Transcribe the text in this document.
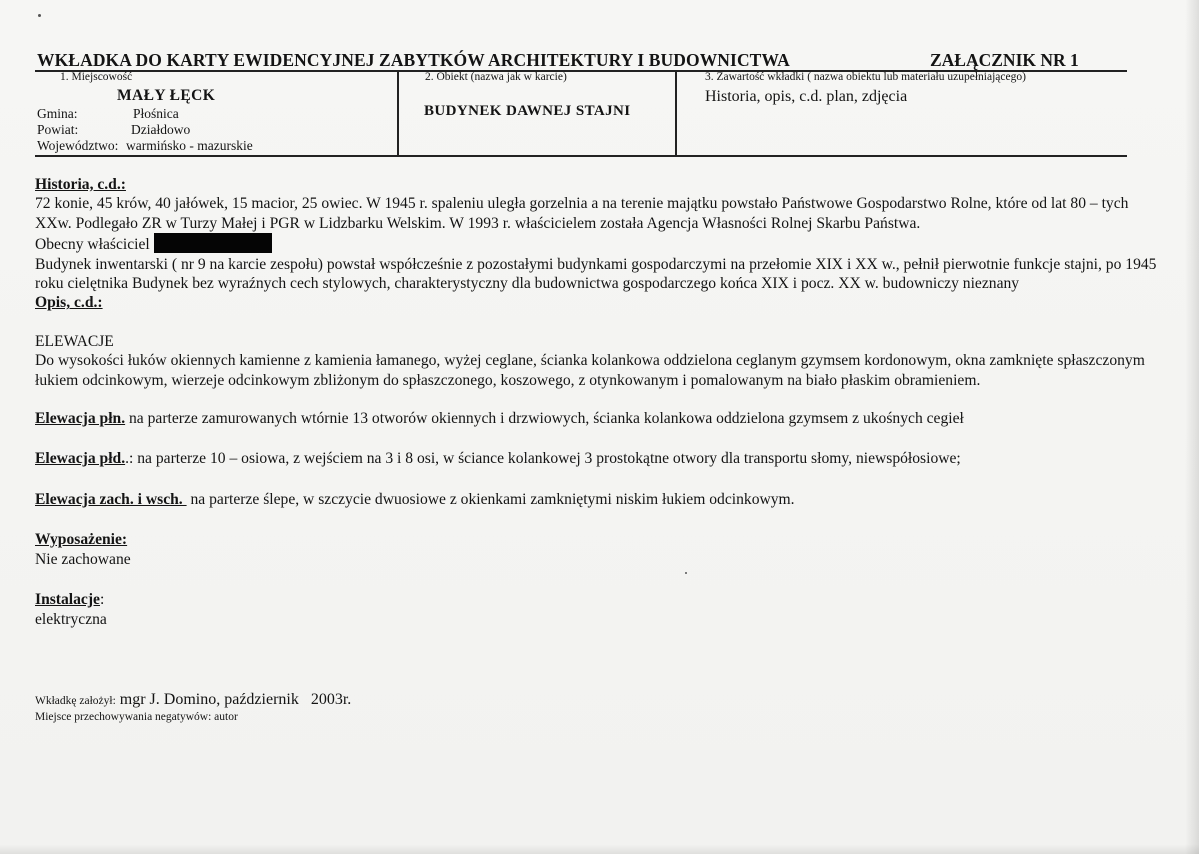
WKŁADKA DO KARTY EWIDENCYJNEJ ZABYTKÓW ARCHITEKTURY I BUDOWNICTWA	ZAŁĄCZNIK NR 1
1. Miejscowość
MAŁY ŁĘCK
Gmina:	Płośnica
Powiat:	Działdowo
Województwo: warmińsko - mazurskie
2. Obiekt (nazwa jak w karcie)
BUDYNEK DAWNEJ STAJNI
3. Zawartość wkładki ( nazwa obiektu lub materiału uzupełniającego)
Historia, opis, c.d. plan, zdjęcia

Historia, c.d.:

72 konie, 45 krów, 40 jałówek, 15 macior, 25 owiec. W 1945 r. spaleniu uległa gorzelnia a na terenie majątku powstało Państwowe Gospodarstwo Rolne, które od lat 80 – tych XXw. Podlegało ZR w Turzy Małej i PGR w Lidzbarku Welskim. W 1993 r. właścicielem została Agencja Własności Rolnej Skarbu Państwa.

Obecny właściciel

Budynek inwentarski ( nr 9 na karcie zespołu) powstał współcześnie z pozostałymi budynkami gospodarczymi na przełomie XIX i XX w., pełnił pierwotnie funkcje stajni, po 1945 roku cielętnika Budynek bez wyraźnych cech stylowych, charakterystyczny dla budownictwa gospodarczego końca XIX i pocz. XX w. budowniczy nieznany

Opis, c.d.:

ELEWACJE

Do wysokości łuków okiennych kamienne z kamienia łamanego, wyżej ceglane, ścianka kolankowa oddzielona ceglanym gzymsem kordonowym, okna zamknięte spłaszczonym łukiem odcinkowym, wierzeje odcinkowym zbliżonym do spłaszczonego, koszowego, z otynkowanym i pomalowanym na biało płaskim obramieniem.

Elewacja płn. na parterze zamurowanych wtórnie 13 otworów okiennych i drzwiowych, ścianka kolankowa oddzielona gzymsem z ukośnych cegieł

Elewacja płd..: na parterze 10 – osiowa, z wejściem na 3 i 8 osi, w ściance kolankowej 3 prostokątne otwory dla transportu słomy, niewspółosiowe;

Elewacja zach. i wsch.  na parterze ślepe, w szczycie dwuosiowe z okienkami zamkniętymi niskim łukiem odcinkowym.

Wyposażenie:

Nie zachowane

Instalacje:

elektryczna

Wkładkę założył: mgr J. Domino, październik   2003r.
Miejsce przechowywania negatywów: autor
